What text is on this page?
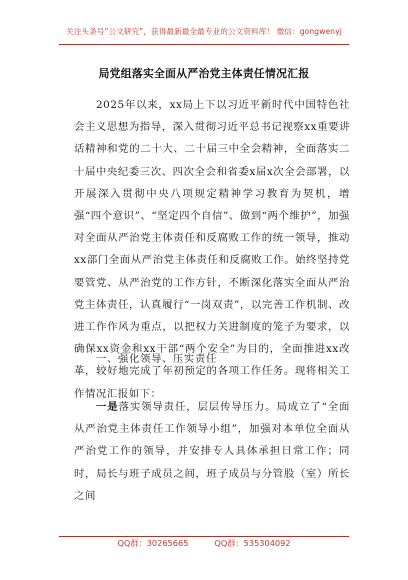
关注头条号“公文研究”，获得最新最全最专业的公文资料库！ 微信：gongwenyj
局党组落实全面从严治党主体责任情况汇报
2025年以来，xx局上下以习近平新时代中国特色社会主义思想为指导，深入贯彻习近平总书记视察xx重要讲话精神和党的二十大、二十届三中全会精神，全面落实二十届中央纪委三次、四次全会和省委x届x次全会部署，以开展深入贯彻中央八项规定精神学习教育为契机，增强“四个意识”、“坚定四个自信”、做到“两个维护”，加强对全面从严治党主体责任和反腐败工作的统一领导，推动xx部门全面从严治党主体责任和反腐败工作。始终坚持党要管党、从严治党的工作方针，不断深化落实全面从严治党主体责任，认真履行“一岗双责”，以完善工作机制、改进工作作风为重点，以把权力关进制度的笼子为要求，以确保xx资金和xx干部“两个安全”为目的，全面推进xx改革，较好地完成了年初预定的各项工作任务。现将相关工作情况汇报如下：
一、强化领导、压实责任
一是落实领导责任，层层传导压力。局成立了“全面从严治党主体责任工作领导小组”，加强对本单位全面从严治党工作的领导，并安排专人具体承担日常工作；同时，局长与班子成员之间，班子成员与分管股（室）所长之间
QQ群：30265665	QQ群：535304092
